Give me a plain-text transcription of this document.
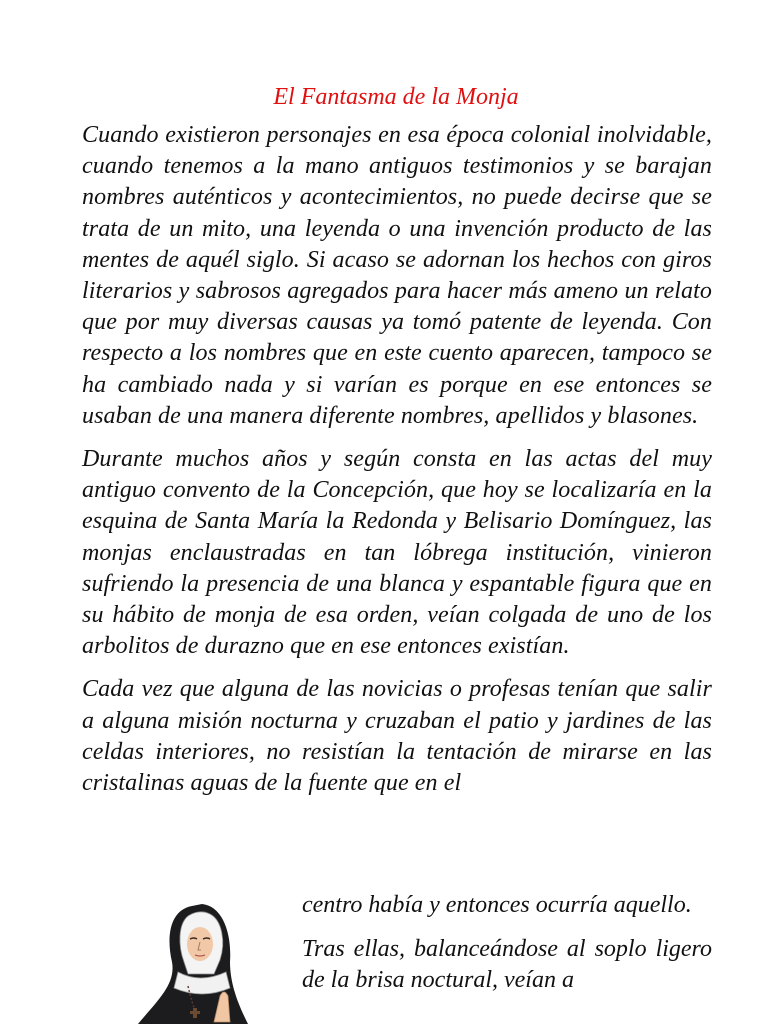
El Fantasma de la Monja

Cuando existieron personajes en esa época colonial inolvidable, cuando tenemos a la mano antiguos testimonios y se barajan nombres auténticos y acontecimientos, no puede decirse que se trata de un mito, una leyenda o una invención producto de las mentes de aquél siglo. Si acaso se adornan los hechos con giros literarios y sabrosos agregados para hacer más ameno un relato que por muy diversas causas ya tomó patente de leyenda. Con respecto a los nombres que en este cuento aparecen, tampoco se ha cambiado nada y si varían es porque en ese entonces se usaban de una manera diferente nombres, apellidos y blasones.

Durante muchos años y según consta en las actas del muy antiguo convento de la Concepción, que hoy se localizaría en la esquina de Santa María la Redonda y Belisario Domínguez, las monjas enclaustradas en tan lóbrega institución, vinieron sufriendo la presencia de una blanca y espantable figura que en su hábito de monja de esa orden, veían colgada de uno de los arbolitos de durazno que en ese entonces existían.

Cada vez que alguna de las novicias o profesas tenían que salir a alguna misión nocturna y cruzaban el patio y jardines de las celdas interiores, no resistían la tentación de mirarse en las cristalinas aguas de la fuente que en el

centro había y entonces ocurría aquello.

Tras ellas, balanceándose al soplo ligero de la brisa noctural, veían a
